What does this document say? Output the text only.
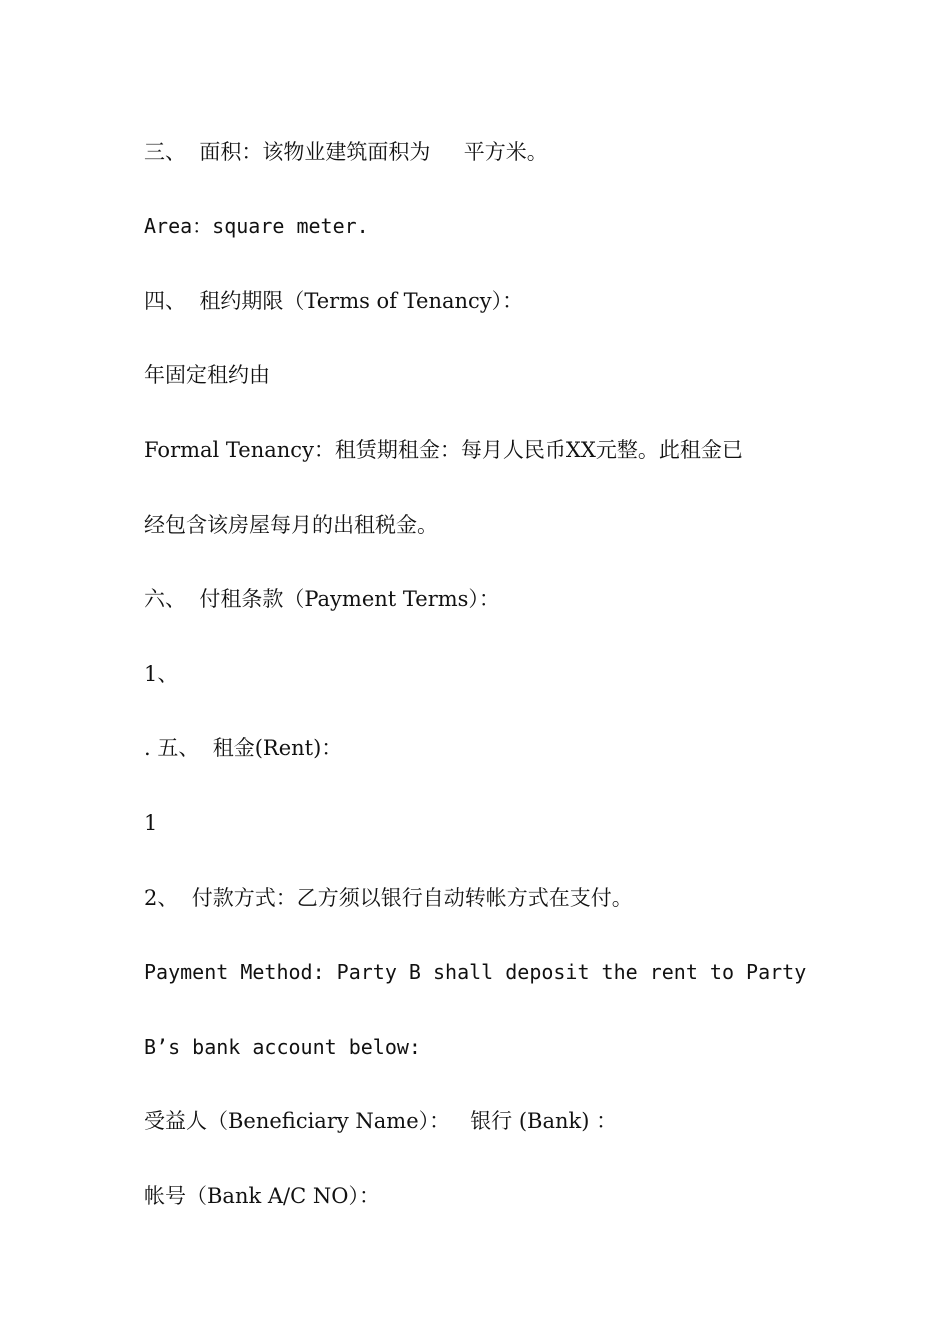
三、  面积：该物业建筑面积为     平方米。
Area：square meter.
四、  租约期限（Terms of Tenancy）：
年固定租约由
Formal Tenancy：租赁期租金：每月人民币XX元整。此租金已
经包含该房屋每月的出租税金。
六、  付租条款（Payment Terms）：
1、
. 五、  租金(Rent)：
1
2、  付款方式：乙方须以银行自动转帐方式在支付。
Payment Method: Party B shall deposit the rent to Party
B’s bank account below:
受益人（Beneficiary Name）：   银行 (Bank) ：
帐号（Bank A/C NO）：
